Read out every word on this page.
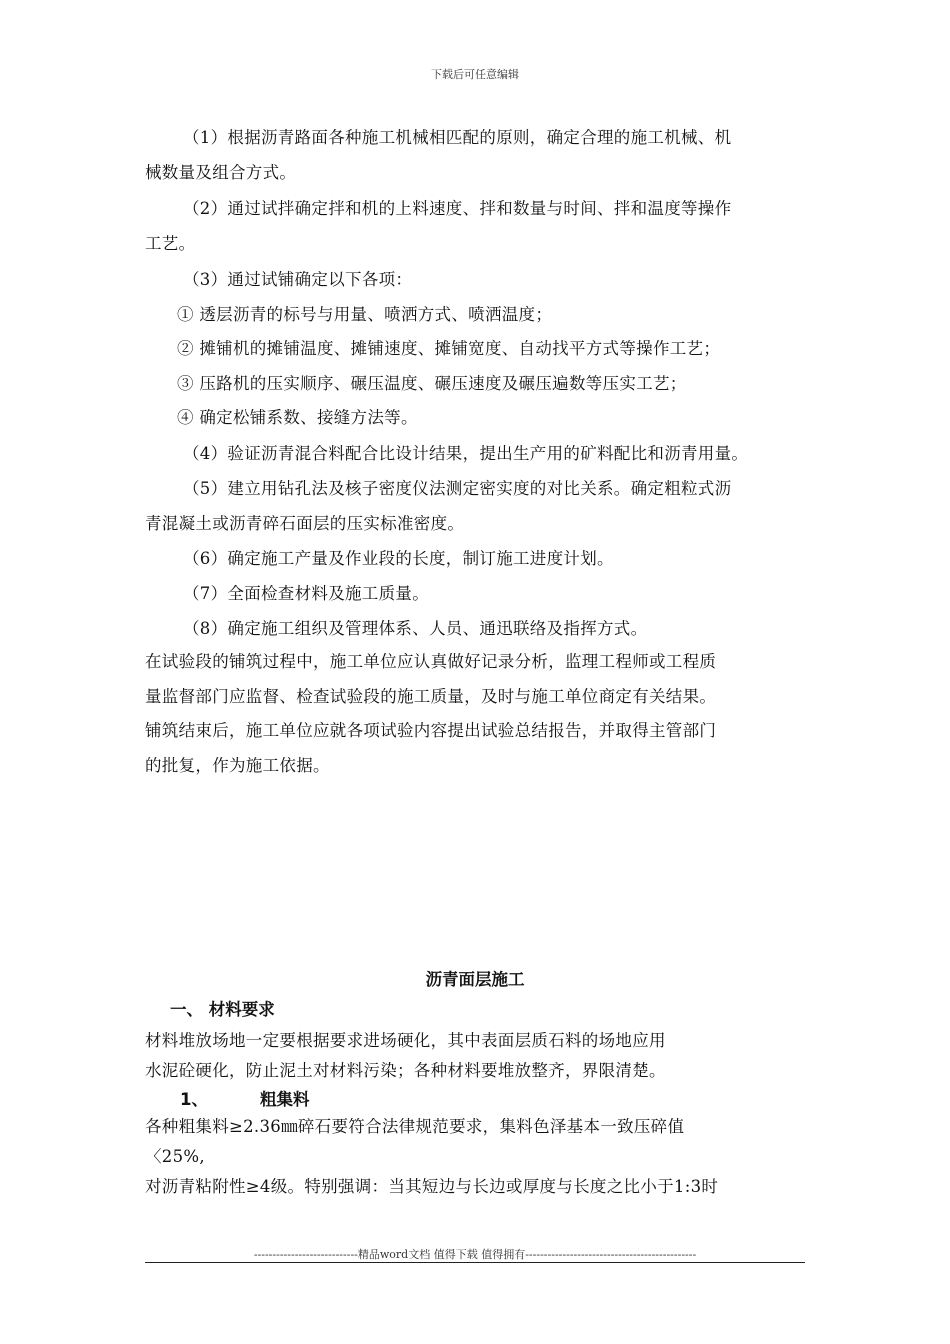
下载后可任意编辑
（1）根据沥青路面各种施工机械相匹配的原则，确定合理的施工机械、机
械数量及组合方式。
（2）通过试拌确定拌和机的上料速度、拌和数量与时间、拌和温度等操作
工艺。
（3）通过试铺确定以下各项：
① 透层沥青的标号与用量、喷洒方式、喷洒温度；
② 摊铺机的摊铺温度、摊铺速度、摊铺宽度、自动找平方式等操作工艺；
③ 压路机的压实顺序、碾压温度、碾压速度及碾压遍数等压实工艺；
④ 确定松铺系数、接缝方法等。
（4）验证沥青混合料配合比设计结果，提出生产用的矿料配比和沥青用量。
（5）建立用钻孔法及核子密度仪法测定密实度的对比关系。确定粗粒式沥
青混凝土或沥青碎石面层的压实标准密度。
（6）确定施工产量及作业段的长度，制订施工进度计划。
（7）全面检查材料及施工质量。
（8）确定施工组织及管理体系、人员、通迅联络及指挥方式。
在试验段的铺筑过程中，施工单位应认真做好记录分析，监理工程师或工程质
量监督部门应监督、检查试验段的施工质量，及时与施工单位商定有关结果。
铺筑结束后，施工单位应就各项试验内容提出试验总结报告，并取得主管部门
的批复，作为施工依据。
沥青面层施工
一、 材料要求
材料堆放场地一定要根据要求进场硬化，其中表面层质石料的场地应用
水泥砼硬化，防止泥土对材料污染；各种材料要堆放整齐，界限清楚。
1、	粗集料
各种粗集料≥2.36㎜碎石要符合法律规范要求，集料色泽基本一致压碎值
〈25%,
对沥青粘附性≥4级。特别强调：当其短边与长边或厚度与长度之比小于1:3时
----------------------------精品word文档 值得下载 值得拥有----------------------------------------------
